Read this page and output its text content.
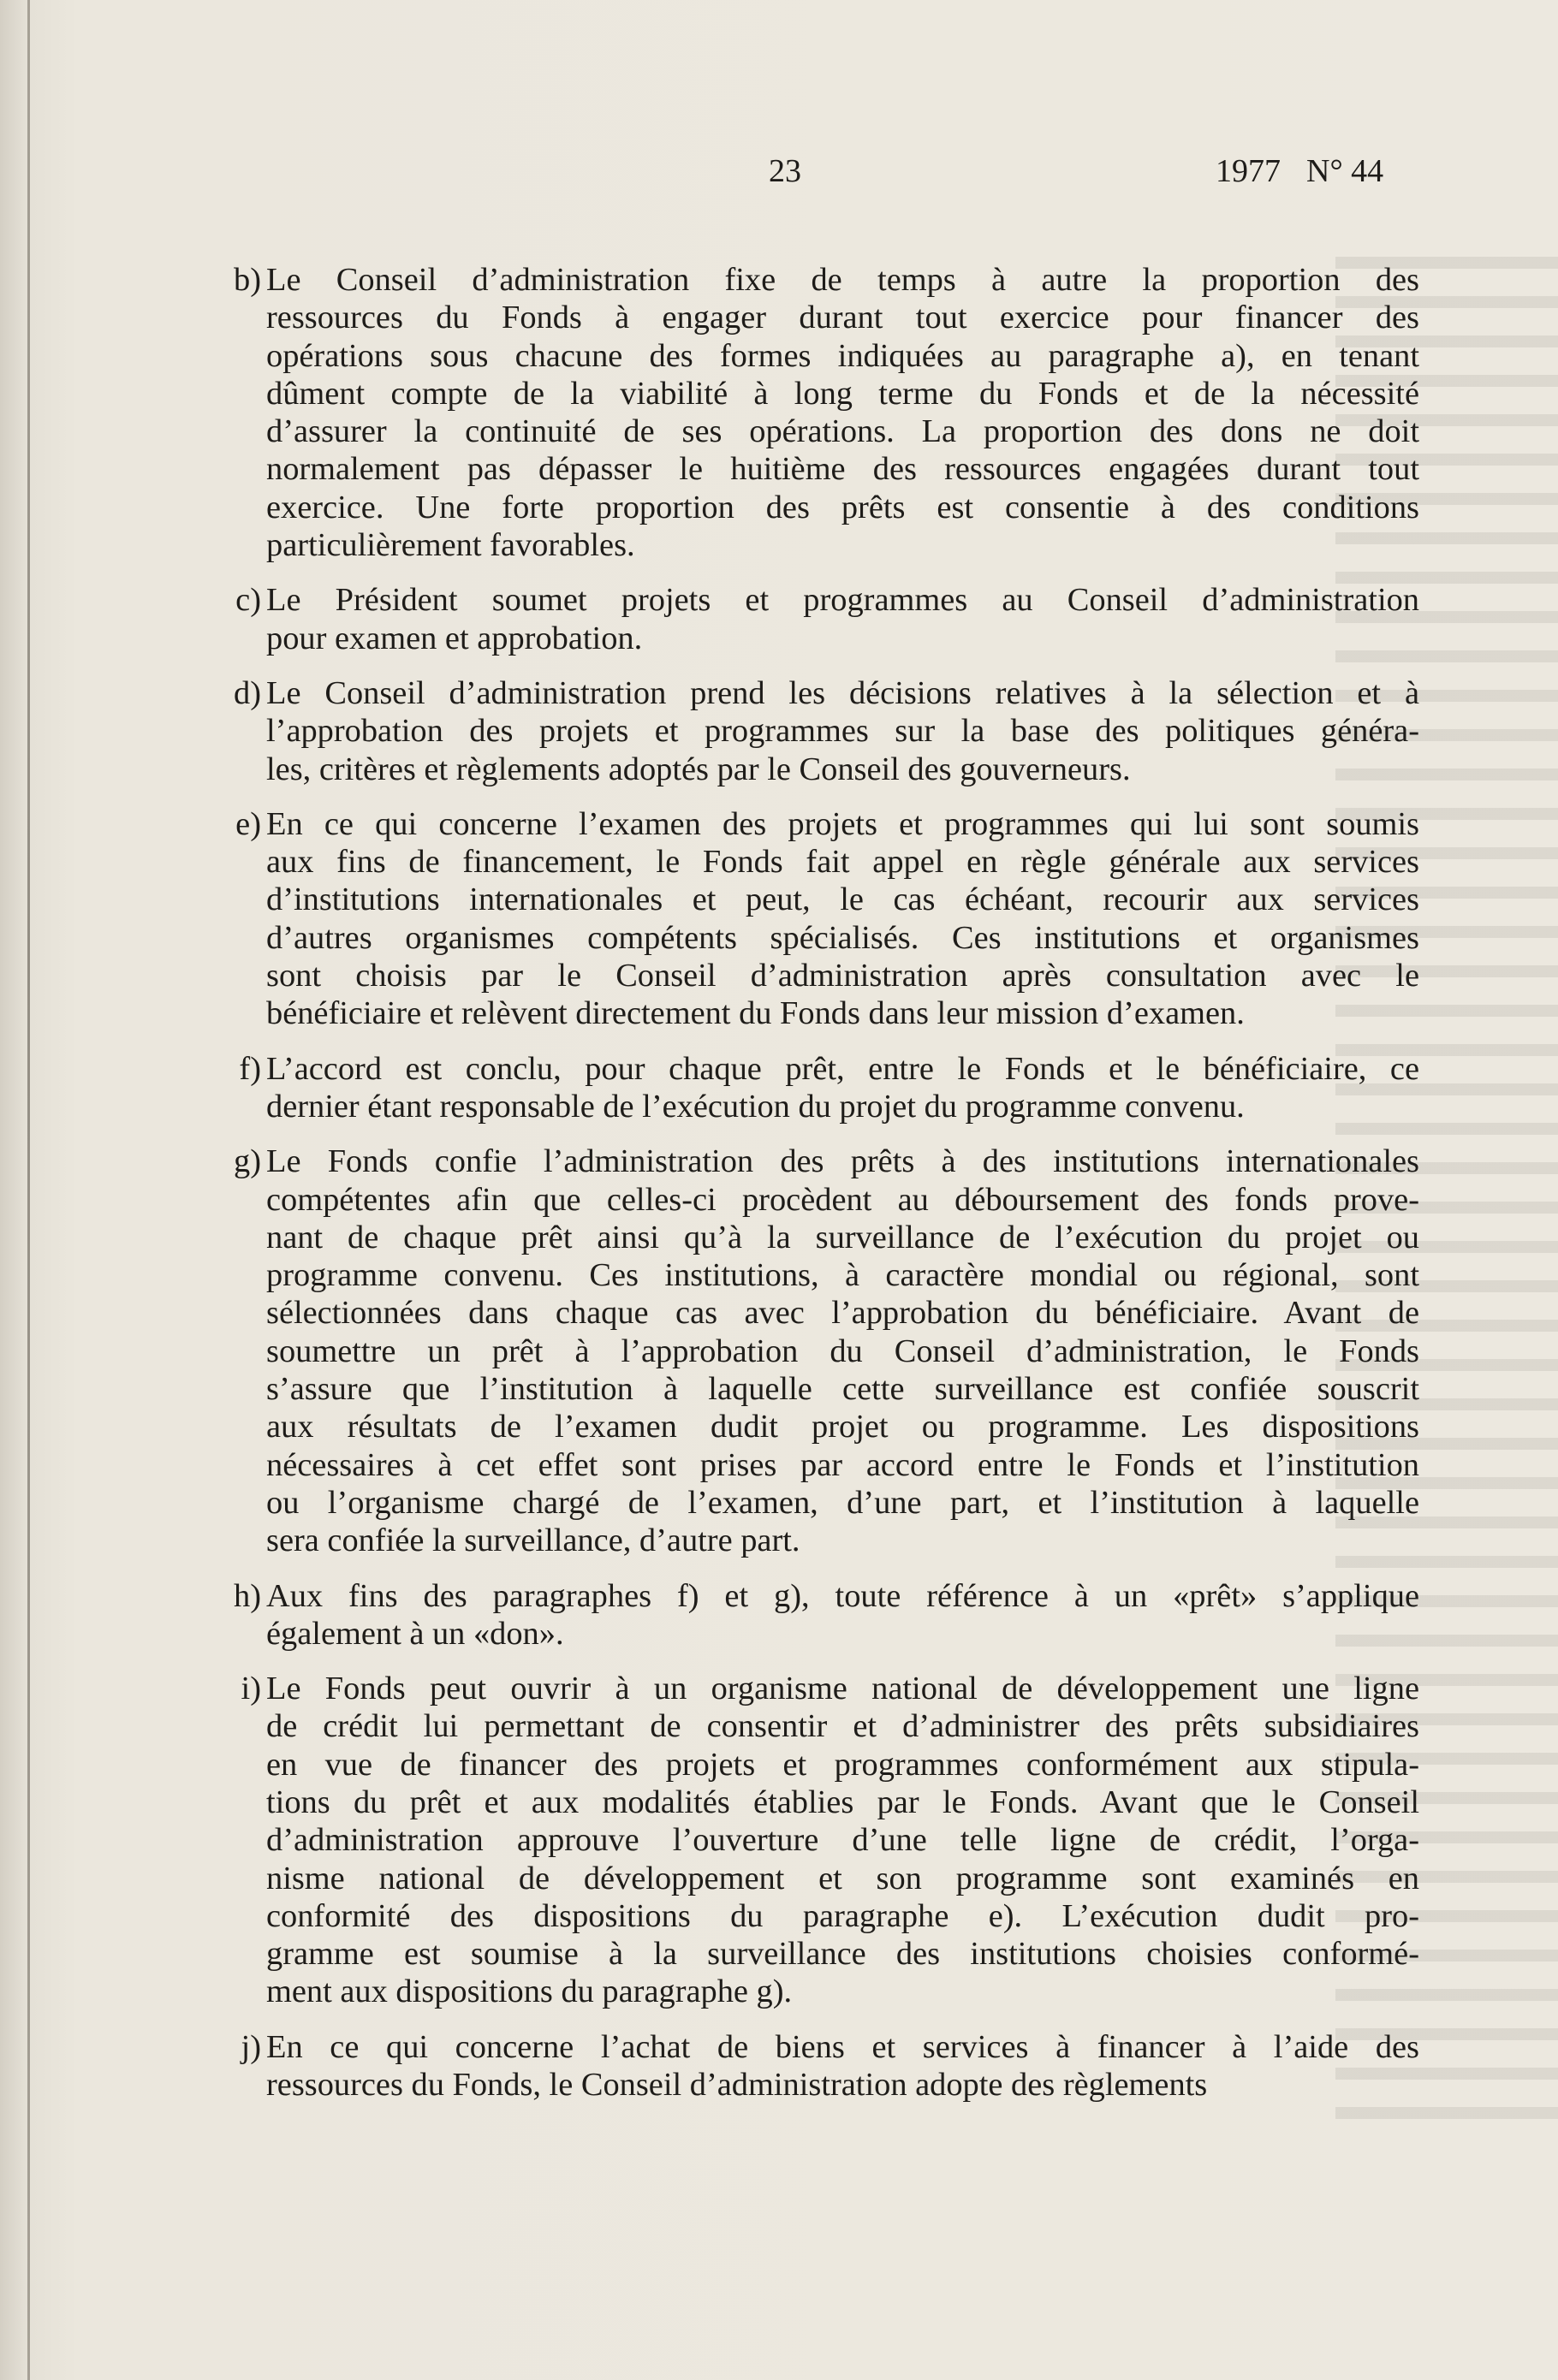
23	1977 N° 44
b) Le Conseil d’administration fixe de temps à autre la proportion des
ressources du Fonds à engager durant tout exercice pour financer des
opérations sous chacune des formes indiquées au paragraphe a), en tenant
dûment compte de la viabilité à long terme du Fonds et de la nécessité
d’assurer la continuité de ses opérations. La proportion des dons ne doit
normalement pas dépasser le huitième des ressources engagées durant tout
exercice. Une forte proportion des prêts est consentie à des conditions
particulièrement favorables.
c) Le Président soumet projets et programmes au Conseil d’administration
pour examen et approbation.
d) Le Conseil d’administration prend les décisions relatives à la sélection et à
l’approbation des projets et programmes sur la base des politiques généra-
les, critères et règlements adoptés par le Conseil des gouverneurs.
e) En ce qui concerne l’examen des projets et programmes qui lui sont soumis
aux fins de financement, le Fonds fait appel en règle générale aux services
d’institutions internationales et peut, le cas échéant, recourir aux services
d’autres organismes compétents spécialisés. Ces institutions et organismes
sont choisis par le Conseil d’administration après consultation avec le
bénéficiaire et relèvent directement du Fonds dans leur mission d’examen.
f) L’accord est conclu, pour chaque prêt, entre le Fonds et le bénéficiaire, ce
dernier étant responsable de l’exécution du projet du programme convenu.
g) Le Fonds confie l’administration des prêts à des institutions internationales
compétentes afin que celles-ci procèdent au déboursement des fonds prove-
nant de chaque prêt ainsi qu’à la surveillance de l’exécution du projet ou
programme convenu. Ces institutions, à caractère mondial ou régional, sont
sélectionnées dans chaque cas avec l’approbation du bénéficiaire. Avant de
soumettre un prêt à l’approbation du Conseil d’administration, le Fonds
s’assure que l’institution à laquelle cette surveillance est confiée souscrit
aux résultats de l’examen dudit projet ou programme. Les dispositions
nécessaires à cet effet sont prises par accord entre le Fonds et l’institution
ou l’organisme chargé de l’examen, d’une part, et l’institution à laquelle
sera confiée la surveillance, d’autre part.
h) Aux fins des paragraphes f) et g), toute référence à un «prêt» s’applique
également à un «don».
i) Le Fonds peut ouvrir à un organisme national de développement une ligne
de crédit lui permettant de consentir et d’administrer des prêts subsidiaires
en vue de financer des projets et programmes conformément aux stipula-
tions du prêt et aux modalités établies par le Fonds. Avant que le Conseil
d’administration approuve l’ouverture d’une telle ligne de crédit, l’orga-
nisme national de développement et son programme sont examinés en
conformité des dispositions du paragraphe e). L’exécution dudit pro-
gramme est soumise à la surveillance des institutions choisies conformé-
ment aux dispositions du paragraphe g).
j) En ce qui concerne l’achat de biens et services à financer à l’aide des
ressources du Fonds, le Conseil d’administration adopte des règlements
